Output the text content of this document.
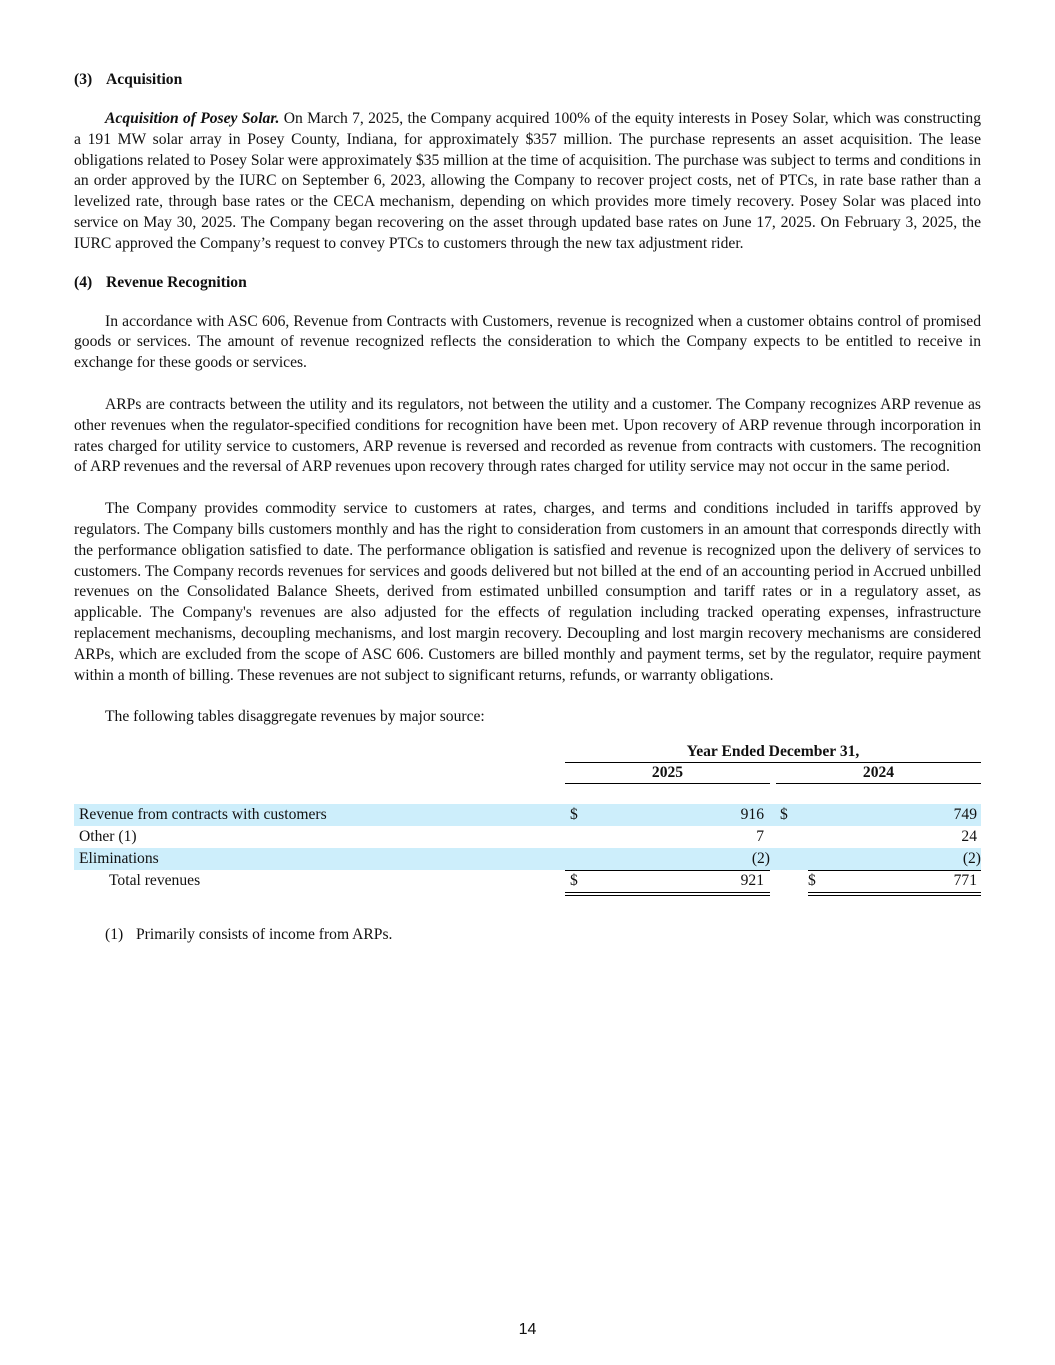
(3) Acquisition

Acquisition of Posey Solar. On March 7, 2025, the Company acquired 100% of the equity interests in Posey Solar, which was constructing a 191 MW solar array in Posey County, Indiana, for approximately $357 million. The purchase represents an asset acquisition. The lease obligations related to Posey Solar were approximately $35 million at the time of acquisition. The purchase was subject to terms and conditions in an order approved by the IURC on September 6, 2023, allowing the Company to recover project costs, net of PTCs, in rate base rather than a levelized rate, through base rates or the CECA mechanism, depending on which provides more timely recovery. Posey Solar was placed into service on May 30, 2025. The Company began recovering on the asset through updated base rates on June 17, 2025. On February 3, 2025, the IURC approved the Company’s request to convey PTCs to customers through the new tax adjustment rider.

(4) Revenue Recognition

In accordance with ASC 606, Revenue from Contracts with Customers, revenue is recognized when a customer obtains control of promised goods or services. The amount of revenue recognized reflects the consideration to which the Company expects to be entitled to receive in exchange for these goods or services.

ARPs are contracts between the utility and its regulators, not between the utility and a customer. The Company recognizes ARP revenue as other revenues when the regulator-specified conditions for recognition have been met. Upon recovery of ARP revenue through incorporation in rates charged for utility service to customers, ARP revenue is reversed and recorded as revenue from contracts with customers. The recognition of ARP revenues and the reversal of ARP revenues upon recovery through rates charged for utility service may not occur in the same period.

The Company provides commodity service to customers at rates, charges, and terms and conditions included in tariffs approved by regulators. The Company bills customers monthly and has the right to consideration from customers in an amount that corresponds directly with the performance obligation satisfied to date. The performance obligation is satisfied and revenue is recognized upon the delivery of services to customers. The Company records revenues for services and goods delivered but not billed at the end of an accounting period in Accrued unbilled revenues on the Consolidated Balance Sheets, derived from estimated unbilled consumption and tariff rates or in a regulatory asset, as applicable. The Company's revenues are also adjusted for the effects of regulation including tracked operating expenses, infrastructure replacement mechanisms, decoupling mechanisms, and lost margin recovery. Decoupling and lost margin recovery mechanisms are considered ARPs, which are excluded from the scope of ASC 606. Customers are billed monthly and payment terms, set by the regulator, require payment within a month of billing. These revenues are not subject to significant returns, refunds, or warranty obligations.

The following tables disaggregate revenues by major source:

Year Ended December 31,
2025	2024
Revenue from contracts with customers	$	916 $	749
Other (1)	7	24
Eliminations	(2)	(2)
Total revenues	$	921	$	771
(1) Primarily consists of income from ARPs.
14
